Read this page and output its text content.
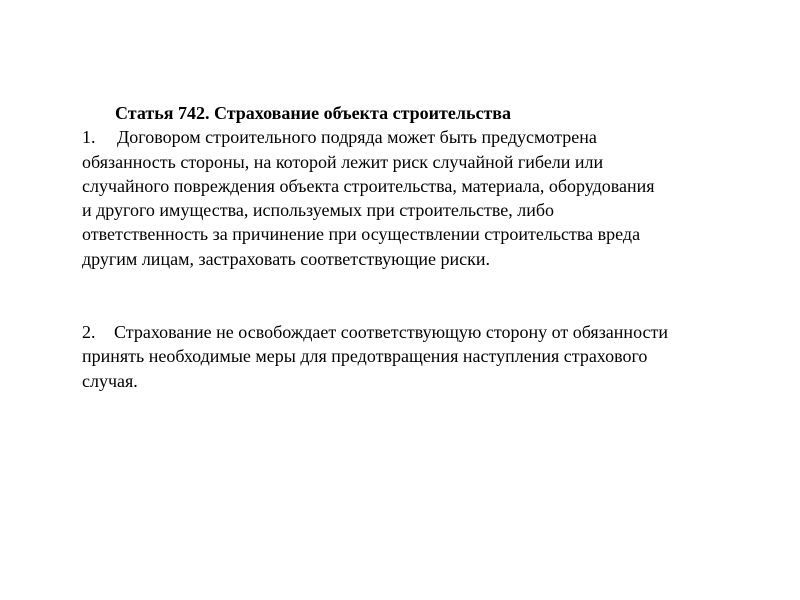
Статья 742. Страхование объекта строительства

1. Договором строительного подряда может быть предусмотрена
обязанность стороны, на которой лежит риск случайной гибели или
случайного повреждения объекта строительства, материала, оборудования
и другого имущества, используемых при строительстве, либо
ответственность за причинение при осуществлении строительства вреда
другим лицам, застраховать соответствующие риски.
2. Страхование не освобождает соответствующую сторону от обязанности
принять необходимые меры для предотвращения наступления страхового
случая.
